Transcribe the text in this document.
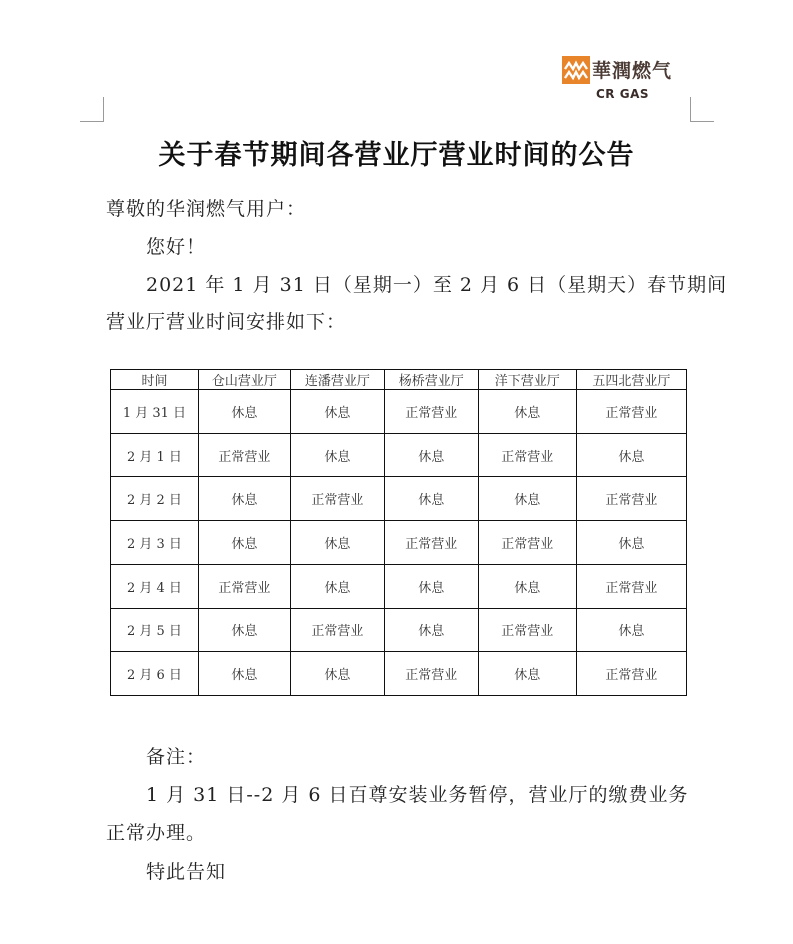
華潤燃气
CR GAS
关于春节期间各营业厅营业时间的公告

尊敬的华润燃气用户：

您好！

2021 年 1 月 31 日（星期一）至 2 月 6 日（星期天）春节期间

营业厅营业时间安排如下：

时间	仓山营业厅	连潘营业厅	杨桥营业厅	洋下营业厅	五四北营业厅
1 月 31 日	休息	休息	正常营业	休息	正常营业
2 月 1 日	正常营业	休息	休息	正常营业	休息
2 月 2 日	休息	正常营业	休息	休息	正常营业
2 月 3 日	休息	休息	正常营业	正常营业	休息
2 月 4 日	正常营业	休息	休息	休息	正常营业
2 月 5 日	休息	正常营业	休息	正常营业	休息
2 月 6 日	休息	休息	正常营业	休息	正常营业

备注：

1 月 31 日--2 月 6 日百尊安装业务暂停，营业厅的缴费业务

正常办理。

特此告知
